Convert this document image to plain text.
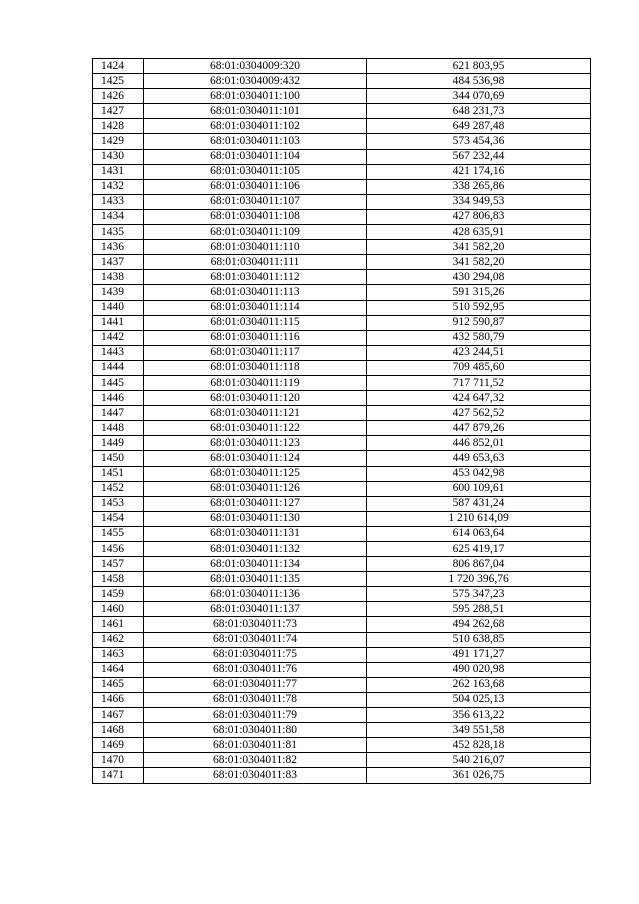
1424	68:01:0304009:320	621 803,95
1425	68:01:0304009:432	484 536,98
1426	68:01:0304011:100	344 070,69
1427	68:01:0304011:101	648 231,73
1428	68:01:0304011:102	649 287,48
1429	68:01:0304011:103	573 454,36
1430	68:01:0304011:104	567 232,44
1431	68:01:0304011:105	421 174,16
1432	68:01:0304011:106	338 265,86
1433	68:01:0304011:107	334 949,53
1434	68:01:0304011:108	427 806,83
1435	68:01:0304011:109	428 635,91
1436	68:01:0304011:110	341 582,20
1437	68:01:0304011:111	341 582,20
1438	68:01:0304011:112	430 294,08
1439	68:01:0304011:113	591 315,26
1440	68:01:0304011:114	510 592,95
1441	68:01:0304011:115	912 590,87
1442	68:01:0304011:116	432 580,79
1443	68:01:0304011:117	423 244,51
1444	68:01:0304011:118	709 485,60
1445	68:01:0304011:119	717 711,52
1446	68:01:0304011:120	424 647,32
1447	68:01:0304011:121	427 562,52
1448	68:01:0304011:122	447 879,26
1449	68:01:0304011:123	446 852,01
1450	68:01:0304011:124	449 653,63
1451	68:01:0304011:125	453 042,98
1452	68:01:0304011:126	600 109,61
1453	68:01:0304011:127	587 431,24
1454	68:01:0304011:130	1 210 614,09
1455	68:01:0304011:131	614 063,64
1456	68:01:0304011:132	625 419,17
1457	68:01:0304011:134	806 867,04
1458	68:01:0304011:135	1 720 396,76
1459	68:01:0304011:136	575 347,23
1460	68:01:0304011:137	595 288,51
1461	68:01:0304011:73	494 262,68
1462	68:01:0304011:74	510 638,85
1463	68:01:0304011:75	491 171,27
1464	68:01:0304011:76	490 020,98
1465	68:01:0304011:77	262 163,68
1466	68:01:0304011:78	504 025,13
1467	68:01:0304011:79	356 613,22
1468	68:01:0304011:80	349 551,58
1469	68:01:0304011:81	452 828,18
1470	68:01:0304011:82	540 216,07
1471	68:01:0304011:83	361 026,75
